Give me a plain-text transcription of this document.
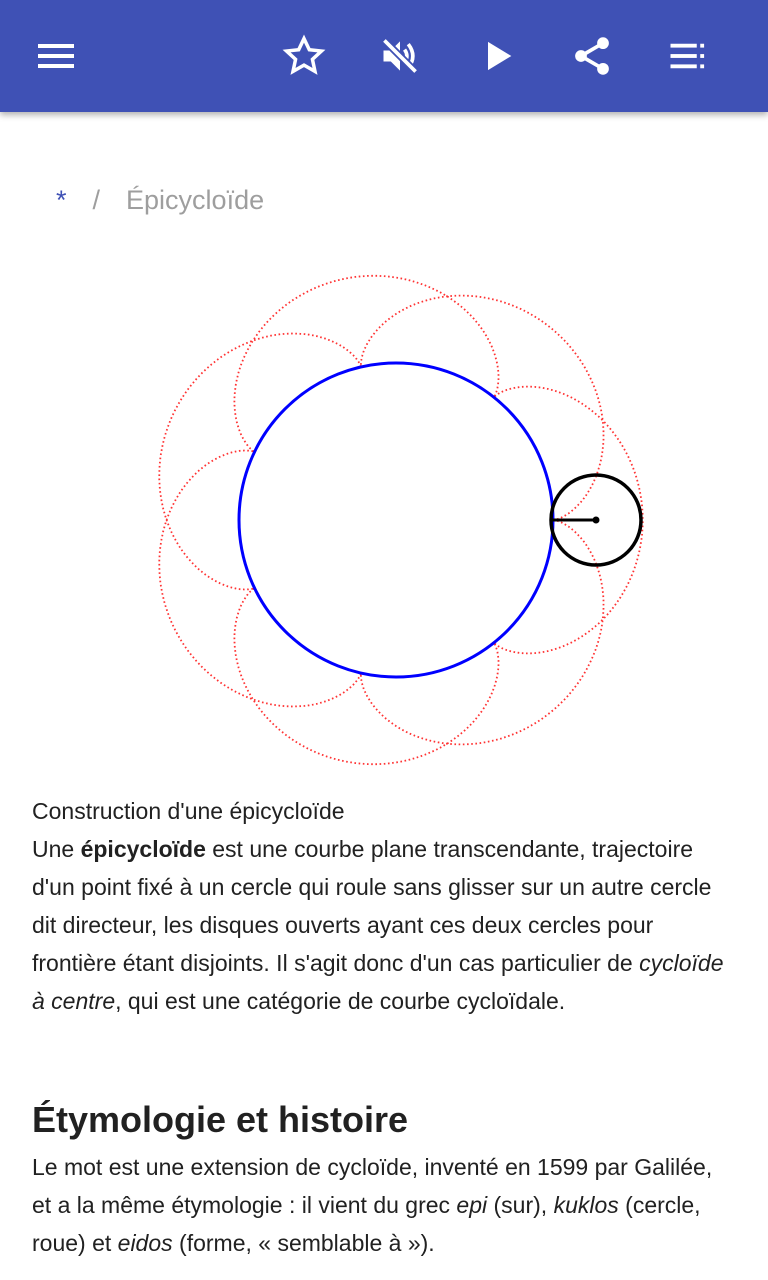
* / Épicycloïde
Construction d'une épicycloïde
Une épicycloïde est une courbe plane transcendante, trajectoire d'un point fixé à un cercle qui roule sans glisser sur un autre cercle dit directeur, les disques ouverts ayant ces deux cercles pour frontière étant disjoints. Il s'agit donc d'un cas particulier de cycloïde à centre, qui est une catégorie de courbe cycloïdale.
Étymologie et histoire
Le mot est une extension de cycloïde, inventé en 1599 par Galilée, et a la même étymologie : il vient du grec epi (sur), kuklos (cercle, roue) et eidos (forme, « semblable à »).
